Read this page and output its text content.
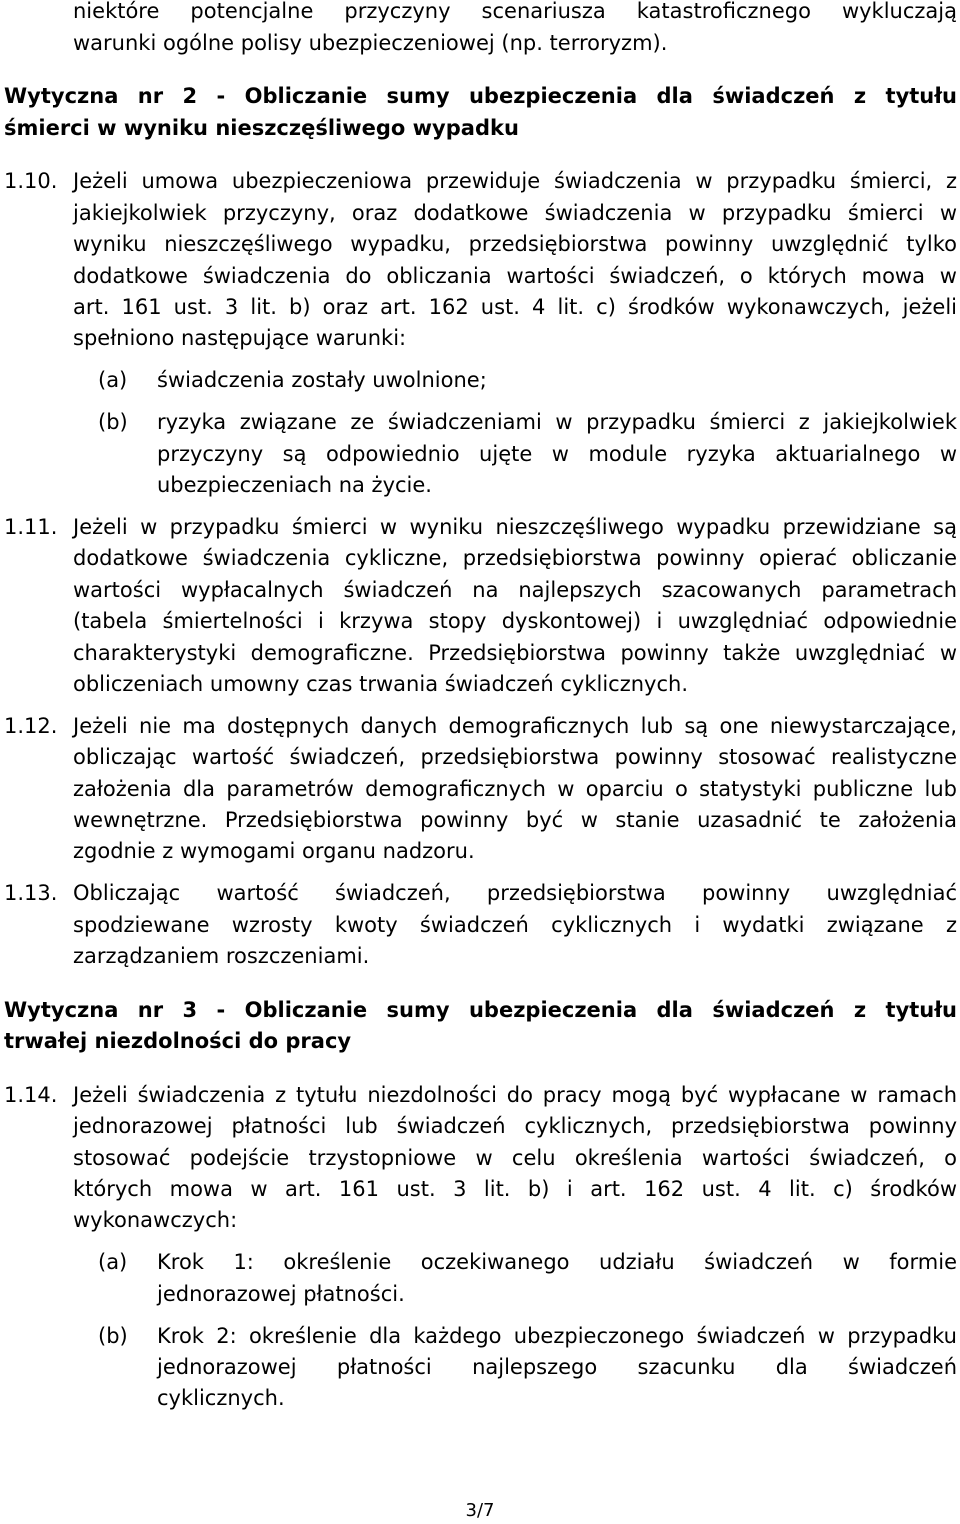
niektóre potencjalne przyczyny scenariusza katastroficznego wykluczają
warunki ogólne polisy ubezpieczeniowej (np. terroryzm).
Wytyczna nr 2 - Obliczanie sumy ubezpieczenia dla świadczeń z tytułu
śmierci w wyniku nieszczęśliwego wypadku
1.10. Jeżeli umowa ubezpieczeniowa przewiduje świadczenia w przypadku śmierci, z
jakiejkolwiek przyczyny, oraz dodatkowe świadczenia w przypadku śmierci w
wyniku nieszczęśliwego wypadku, przedsiębiorstwa powinny uwzględnić tylko
dodatkowe świadczenia do obliczania wartości świadczeń, o których mowa w
art. 161 ust. 3 lit. b) oraz art. 162 ust. 4 lit. c) środków wykonawczych, jeżeli
spełniono następujące warunki:
(a) świadczenia zostały uwolnione;
(b) ryzyka związane ze świadczeniami w przypadku śmierci z jakiejkolwiek
przyczyny są odpowiednio ujęte w module ryzyka aktuarialnego w
ubezpieczeniach na życie.
1.11. Jeżeli w przypadku śmierci w wyniku nieszczęśliwego wypadku przewidziane są
dodatkowe świadczenia cykliczne, przedsiębiorstwa powinny opierać obliczanie
wartości wypłacalnych świadczeń na najlepszych szacowanych parametrach
(tabela śmiertelności i krzywa stopy dyskontowej) i uwzględniać odpowiednie
charakterystyki demograficzne. Przedsiębiorstwa powinny także uwzględniać w
obliczeniach umowny czas trwania świadczeń cyklicznych.
1.12. Jeżeli nie ma dostępnych danych demograficznych lub są one niewystarczające,
obliczając wartość świadczeń, przedsiębiorstwa powinny stosować realistyczne
założenia dla parametrów demograficznych w oparciu o statystyki publiczne lub
wewnętrzne. Przedsiębiorstwa powinny być w stanie uzasadnić te założenia
zgodnie z wymogami organu nadzoru.
1.13. Obliczając wartość świadczeń, przedsiębiorstwa powinny uwzględniać
spodziewane wzrosty kwoty świadczeń cyklicznych i wydatki związane z
zarządzaniem roszczeniami.
Wytyczna nr 3 - Obliczanie sumy ubezpieczenia dla świadczeń z tytułu
trwałej niezdolności do pracy
1.14. Jeżeli świadczenia z tytułu niezdolności do pracy mogą być wypłacane w ramach
jednorazowej płatności lub świadczeń cyklicznych, przedsiębiorstwa powinny
stosować podejście trzystopniowe w celu określenia wartości świadczeń, o
których mowa w art. 161 ust. 3 lit. b) i art. 162 ust. 4 lit. c) środków
wykonawczych:
(a) Krok 1: określenie oczekiwanego udziału świadczeń w formie
jednorazowej płatności.
(b) Krok 2: określenie dla każdego ubezpieczonego świadczeń w przypadku
jednorazowej płatności najlepszego szacunku dla świadczeń
cyklicznych.
3/7
